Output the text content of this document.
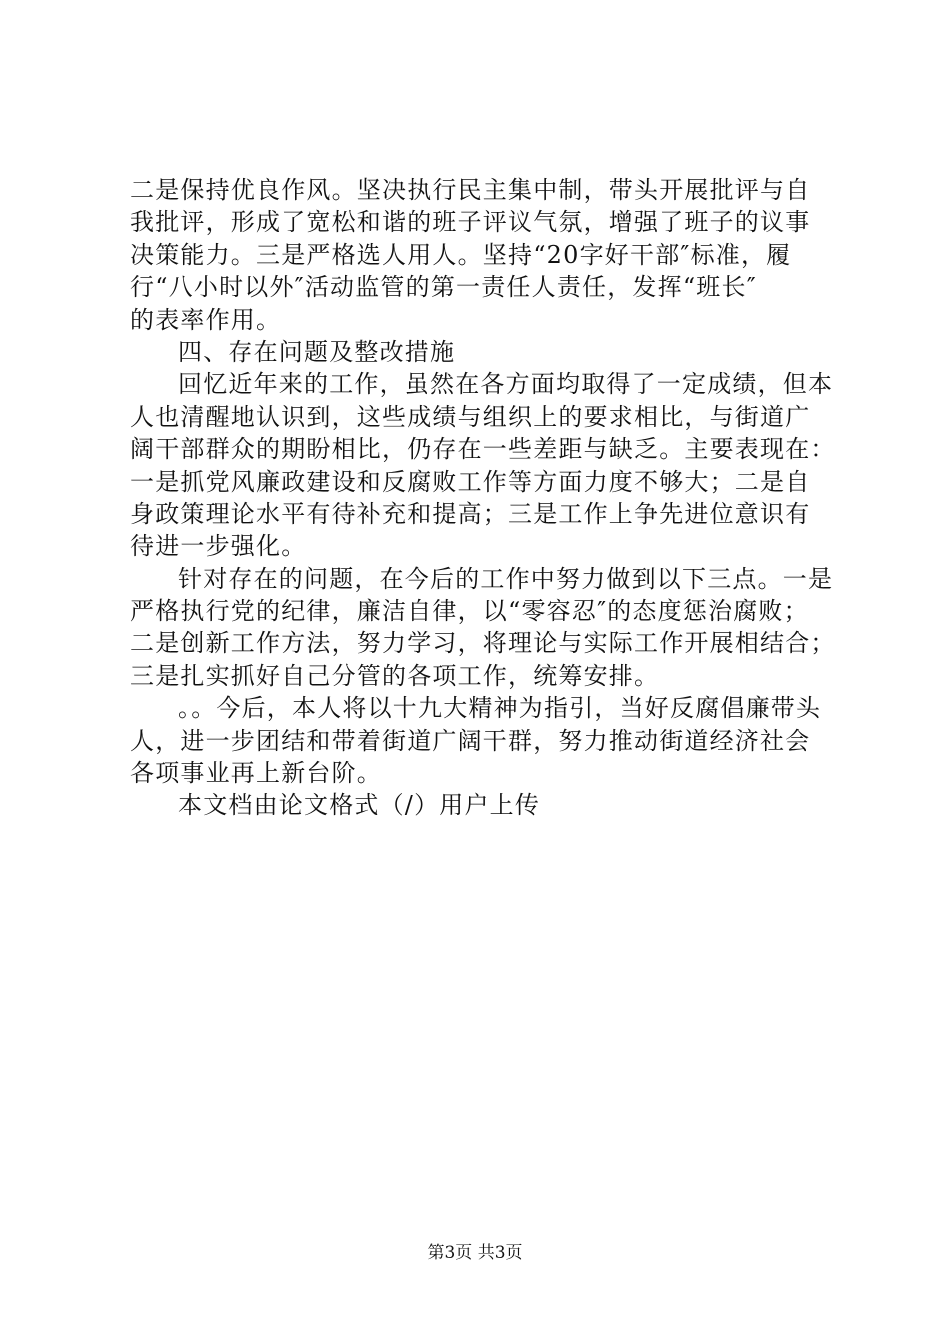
二是保持优良作风。坚决执行民主集中制，带头开展批评与自
我批评，形成了宽松和谐的班子评议气氛，增强了班子的议事
决策能力。三是严格选人用人。坚持“20字好干部″标准，履
行“八小时以外″活动监管的第一责任人责任，发挥“班长″
的表率作用。
四、存在问题及整改措施
回忆近年来的工作，虽然在各方面均取得了一定成绩，但本
人也清醒地认识到，这些成绩与组织上的要求相比，与街道广
阔干部群众的期盼相比，仍存在一些差距与缺乏。主要表现在：
一是抓党风廉政建设和反腐败工作等方面力度不够大；二是自
身政策理论水平有待补充和提高；三是工作上争先进位意识有
待进一步强化。
针对存在的问题，在今后的工作中努力做到以下三点。一是
严格执行党的纪律，廉洁自律，以“零容忍″的态度惩治腐败；
二是创新工作方法，努力学习，将理论与实际工作开展相结合；
三是扎实抓好自己分管的各项工作，统筹安排。
。。今后，本人将以十九大精神为指引，当好反腐倡廉带头
人，进一步团结和带着街道广阔干群，努力推动街道经济社会
各项事业再上新台阶。
本文档由论文格式（/）用户上传
第3页 共3页
